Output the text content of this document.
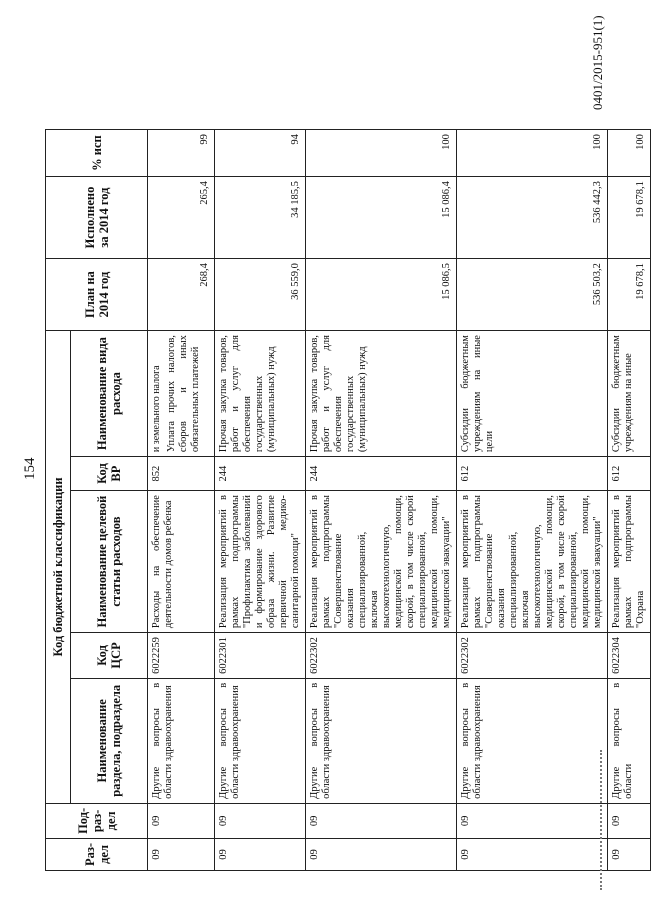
154
Раз-дел	Под-раз-дел	Код бюджетной классификации					План на 2014 год	Исполнено за 2014 год	% исп
		Наименование раздела, подраздела	Код ЦСР	Наименование целевой статьи расходов	Код ВР	Наименование вида расхода			
09	09	Другие вопросы в области здравоохранения	6022259	Расходы на обеспечение деятельности домов ребенка	852	и земельного налога Уплата прочих налогов, сборов и иных обязательных платежей	268,4	265,4	99
09	09	Другие вопросы в области здравоохранения	6022301	Реализация мероприятий в рамках подпрограммы "Профилактика заболеваний и формирование здорового образа жизни. Развитие первичной медико-санитарной помощи"	244	Прочая закупка товаров, работ и услуг для обеспечения государственных (муниципальных) нужд	36 559,0	34 185,5	94
09	09	Другие вопросы в области здравоохранения	6022302	Реализация мероприятий в рамках подпрограммы "Совершенствование оказания специализированной, включая высокотехнологичную, медицинской помощи, скорой, в том числе скорой специализированной, медицинской помощи, медицинской эвакуации"	244	Прочая закупка товаров, работ и услуг для обеспечения государственных (муниципальных) нужд	15 086,5	15 086,4	100
09	09	Другие вопросы в области здравоохранения	6022302	Реализация мероприятий в рамках подпрограммы "Совершенствование оказания специализированной, включая высокотехнологичную, медицинской помощи, скорой, в том числе скорой специализированной, медицинской помощи, медицинской эвакуации"	612	Субсидии бюджетным учреждениям на иные цели	536 503,2	536 442,3	100
09	09	Другие вопросы в области	6022304	Реализация мероприятий в рамках подпрограммы "Охрана	612	Субсидии бюджетным учреждениям на иные	19 678,1	19 678,1	100
0401/2015-951(1)
